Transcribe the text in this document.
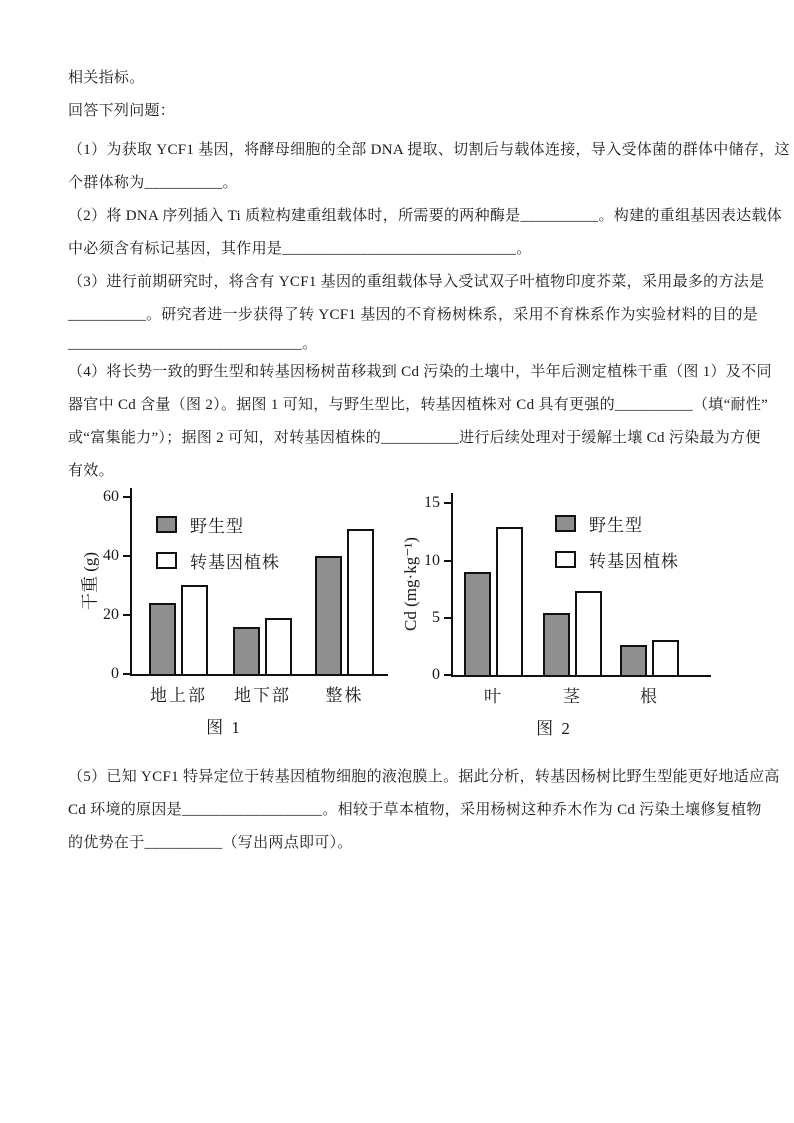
相关指标。
回答下列问题：
（1）为获取 YCF1 基因，将酵母细胞的全部 DNA 提取、切割后与载体连接，导入受体菌的群体中储存，这
个群体称为__________。
（2）将 DNA 序列插入 Ti 质粒构建重组载体时，所需要的两种酶是__________。构建的重组基因表达载体
中必须含有标记基因，其作用是______________________________。
（3）进行前期研究时，将含有 YCF1 基因的重组载体导入受试双子叶植物印度芥菜，采用最多的方法是
__________。研究者进一步获得了转 YCF1 基因的不育杨树株系，采用不育株系作为实验材料的目的是
______________________________。
（4）将长势一致的野生型和转基因杨树苗移栽到 Cd 污染的土壤中，半年后测定植株干重（图 1）及不同
器官中 Cd 含量（图 2）。据图 1 可知，与野生型比，转基因植株对 Cd 具有更强的__________（填“耐性”
或“富集能力”）；据图 2 可知，对转基因植株的__________进行后续处理对于缓解土壤 Cd 污染最为方便
有效。
干重 (g)
野生型
转基因植株
0
20
40
60
地上部 地下部	整株
图 1
Cd (mg·kg⁻¹)
野生型
转基因植株
0
5
10
15
叶	茎	根
图 2
（5）已知 YCF1 特异定位于转基因植物细胞的液泡膜上。据此分析，转基因杨树比野生型能更好地适应高
Cd 环境的原因是__________________。相较于草本植物，采用杨树这种乔木作为 Cd 污染土壤修复植物
的优势在于__________（写出两点即可）。
